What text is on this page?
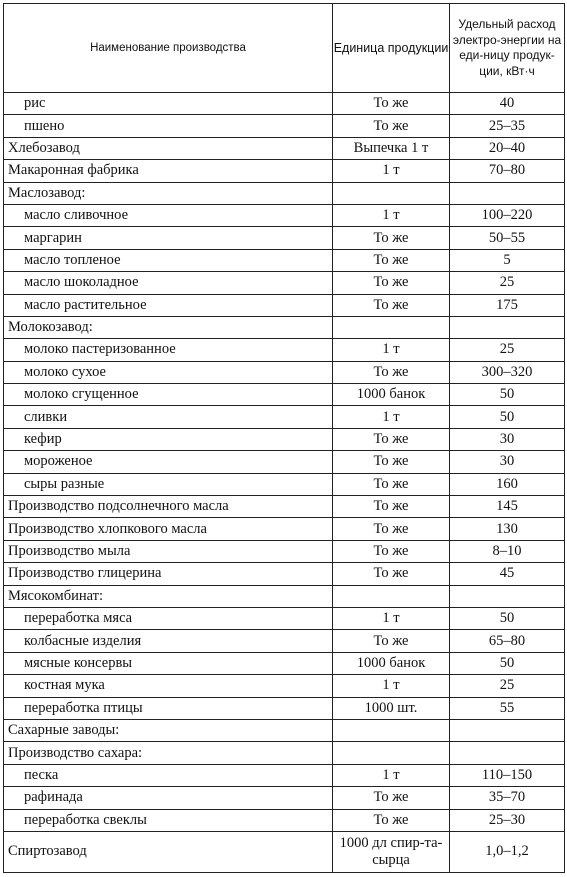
Наименование производства	Единица продукции	Удельный расход электро-энергии на еди-ницу продук-ции, кВт·ч
рис	То же	40
пшено	То же	25–35
Хлебозавод	Выпечка 1 т	20–40
Макаронная фабрика	1 т	70–80
Маслозавод:		
масло сливочное	1 т	100–220
маргарин	То же	50–55
масло топленое	То же	5
масло шоколадное	То же	25
масло растительное	То же	175
Молокозавод:		
молоко пастеризованное	1 т	25
молоко сухое	То же	300–320
молоко сгущенное	1000 банок	50
сливки	1 т	50
кефир	То же	30
мороженое	То же	30
сыры разные	То же	160
Производство подсолнечного масла	То же	145
Производство хлопкового масла	То же	130
Производство мыла	То же	8–10
Производство глицерина	То же	45
Мясокомбинат:		
переработка мяса	1 т	50
колбасные изделия	То же	65–80
мясные консервы	1000 банок	50
костная мука	1 т	25
переработка птицы	1000 шт.	55
Сахарные заводы:		
Производство сахара:		
песка	1 т	110–150
рафинада	То же	35–70
переработка свеклы	То же	25–30
Спиртозавод	1000 дл спир-та-сырца	1,0–1,2
